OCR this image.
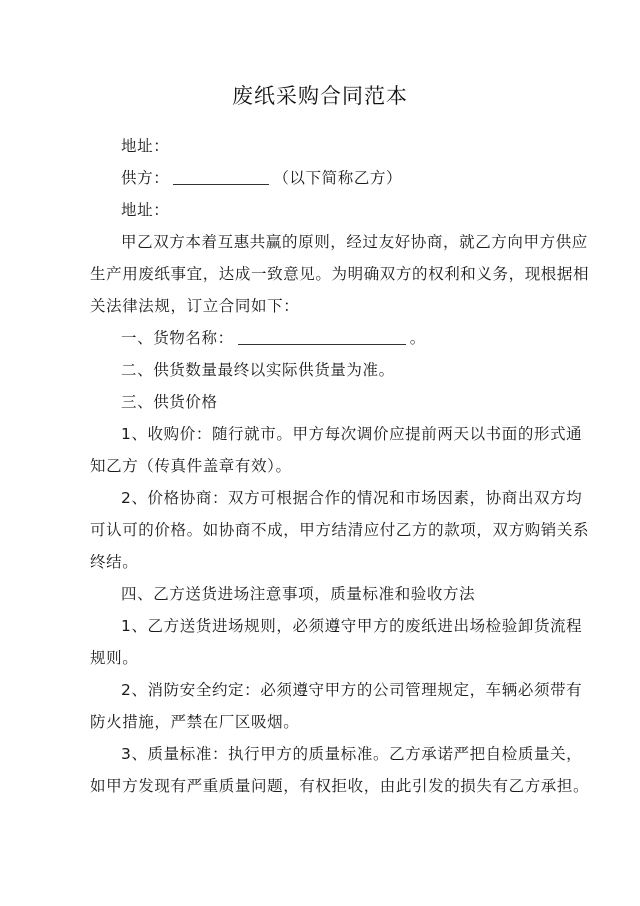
废纸采购合同范本
地址：
供方：	（以下简称乙方）
地址：
甲乙双方本着互惠共赢的原则，经过友好协商，就乙方向甲方供应
生产用废纸事宜，达成一致意见。为明确双方的权利和义务，现根据相
关法律法规，订立合同如下：
一、货物名称：	。
二、供货数量最终以实际供货量为准。
三、供货价格
1、收购价：随行就市。甲方每次调价应提前两天以书面的形式通
知乙方（传真件盖章有效）。
2、价格协商：双方可根据合作的情况和市场因素，协商出双方均
可认可的价格。如协商不成，甲方结清应付乙方的款项，双方购销关系
终结。
四、乙方送货进场注意事项，质量标准和验收方法
1、乙方送货进场规则，必须遵守甲方的废纸进出场检验卸货流程
规则。
2、消防安全约定：必须遵守甲方的公司管理规定，车辆必须带有
防火措施，严禁在厂区吸烟。
3、质量标准：执行甲方的质量标准。乙方承诺严把自检质量关，
如甲方发现有严重质量问题，有权拒收，由此引发的损失有乙方承担。
